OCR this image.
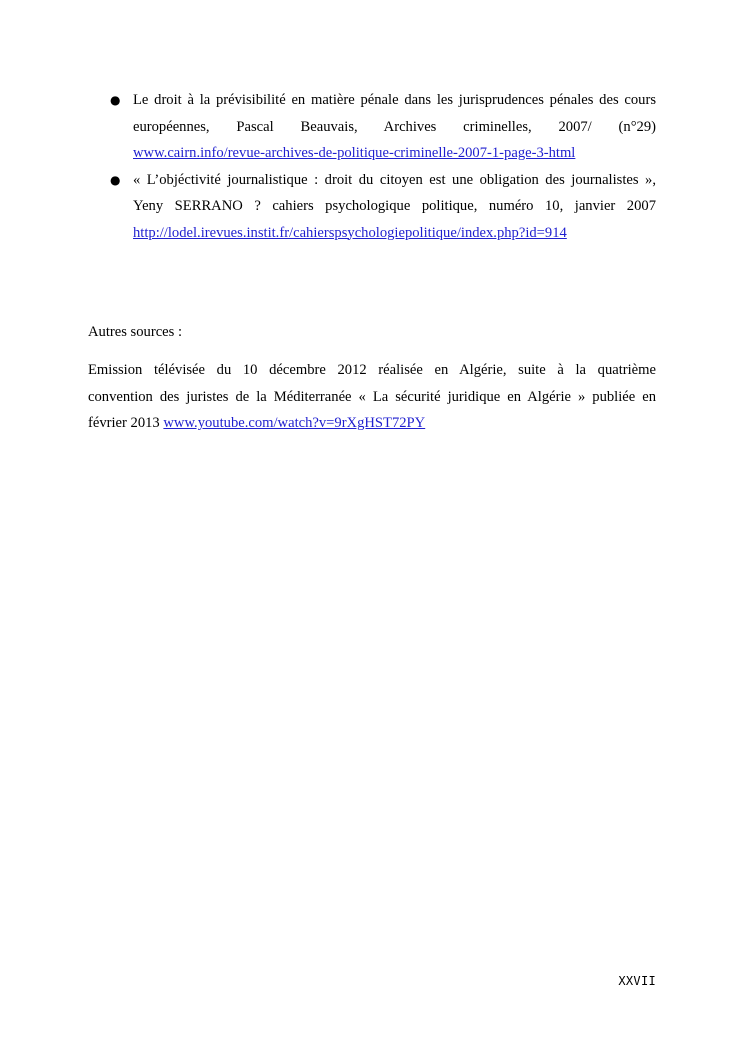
● Le droit à la prévisibilité en matière pénale dans les jurisprudences pénales des cours
européennes, Pascal Beauvais, Archives criminelles, 2007/ (n°29)
www.cairn.info/revue-archives-de-politique-criminelle-2007-1-page-3-html
● « L’objéctivité journalistique : droit du citoyen est une obligation des journalistes »,
Yeny SERRANO ? cahiers psychologique politique, numéro 10, janvier 2007
http://lodel.irevues.instit.fr/cahierspsychologiepolitique/index.php?id=914
Autres sources :

Emission télévisée du 10 décembre 2012 réalisée en Algérie, suite à la quatrième
convention des juristes de la Méditerranée « La sécurité juridique en Algérie » publiée en
février 2013 www.youtube.com/watch?v=9rXgHST72PY

XXVII
